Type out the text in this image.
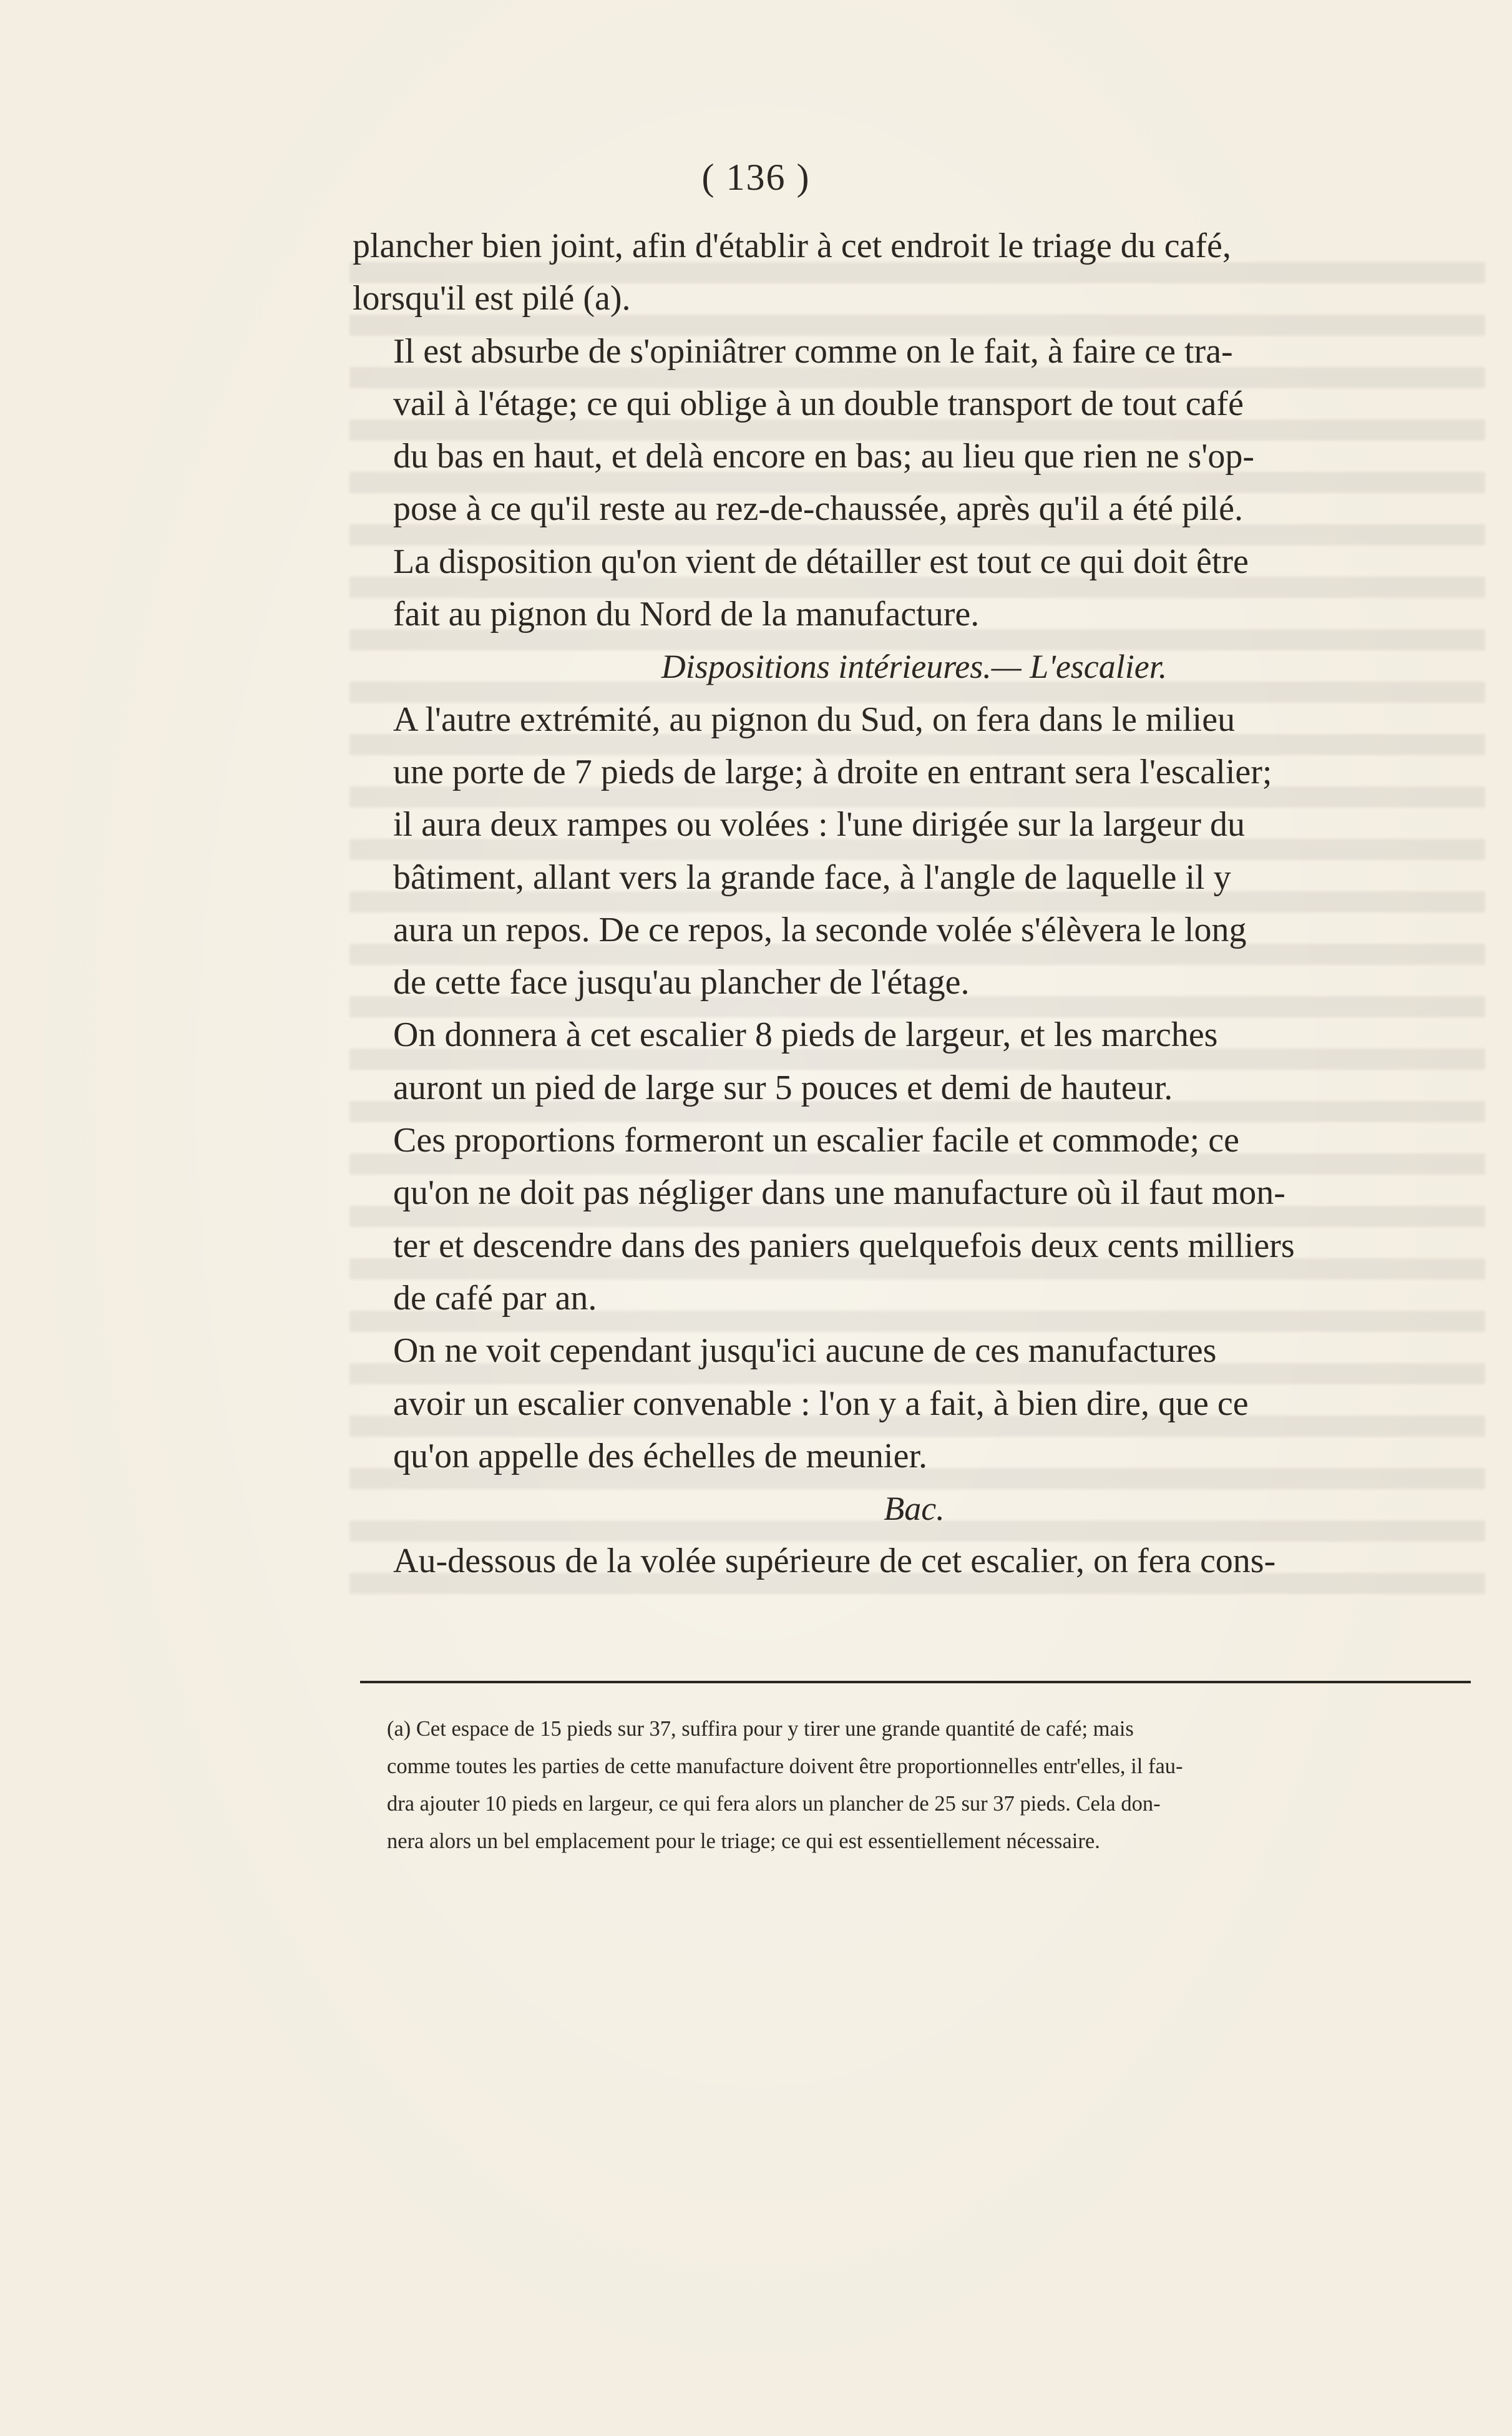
( 136 )

plancher bien joint, afin d'établir à cet endroit le triage du café,
lorsqu'il est pilé (a).

Il est absurbe de s'opiniâtrer comme on le fait, à faire ce tra-
vail à l'étage; ce qui oblige à un double transport de tout café
du bas en haut, et delà encore en bas; au lieu que rien ne s'op-
pose à ce qu'il reste au rez-de-chaussée, après qu'il a été pilé.

La disposition qu'on vient de détailler est tout ce qui doit être
fait au pignon du Nord de la manufacture.

Dispositions intérieures.— L'escalier.

A l'autre extrémité, au pignon du Sud, on fera dans le milieu
une porte de 7 pieds de large; à droite en entrant sera l'escalier;
il aura deux rampes ou volées : l'une dirigée sur la largeur du
bâtiment, allant vers la grande face, à l'angle de laquelle il y
aura un repos. De ce repos, la seconde volée s'élèvera le long
de cette face jusqu'au plancher de l'étage.

On donnera à cet escalier 8 pieds de largeur, et les marches
auront un pied de large sur 5 pouces et demi de hauteur.

Ces proportions formeront un escalier facile et commode; ce
qu'on ne doit pas négliger dans une manufacture où il faut mon-
ter et descendre dans des paniers quelquefois deux cents milliers
de café par an.

On ne voit cependant jusqu'ici aucune de ces manufactures
avoir un escalier convenable : l'on y a fait, à bien dire, que ce
qu'on appelle des échelles de meunier.

Bac.

Au-dessous de la volée supérieure de cet escalier, on fera cons-

(a) Cet espace de 15 pieds sur 37, suffira pour y tirer une grande quantité de café; mais
comme toutes les parties de cette manufacture doivent être proportionnelles entr'elles, il fau-
dra ajouter 10 pieds en largeur, ce qui fera alors un plancher de 25 sur 37 pieds. Cela don-
nera alors un bel emplacement pour le triage; ce qui est essentiellement nécessaire.
